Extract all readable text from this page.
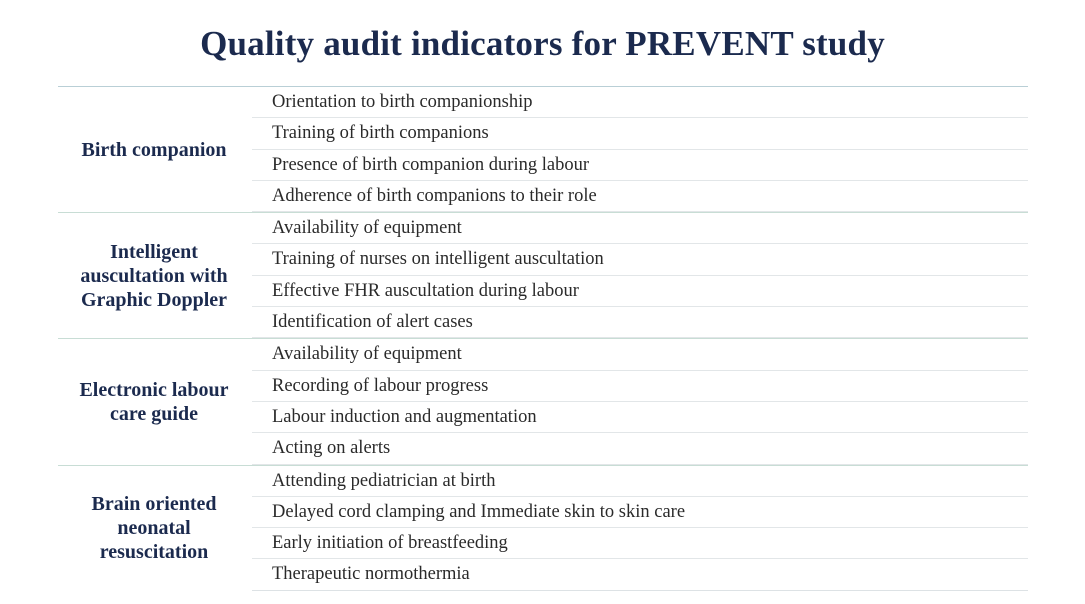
Quality audit indicators for PREVENT study
Birth companion
Orientation to birth companionship
Training of birth companions
Presence of birth companion during labour
Adherence of birth companions to their role
Intelligent
auscultation with
Graphic Doppler
Availability of equipment
Training of nurses on intelligent auscultation
Effective FHR auscultation during labour
Identification of alert cases
Electronic labour
care guide
Availability of equipment
Recording of labour progress
Labour induction and augmentation
Acting on alerts
Brain oriented
neonatal
resuscitation
Attending pediatrician at birth
Delayed cord clamping and Immediate skin to skin care
Early initiation of breastfeeding
Therapeutic normothermia
